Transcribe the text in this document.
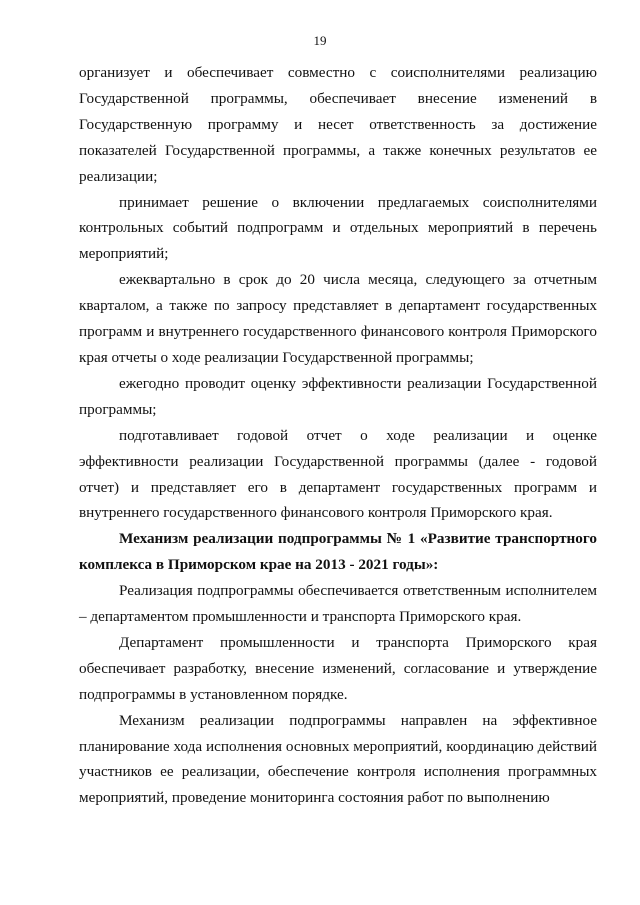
19

организует и обеспечивает совместно с соисполнителями реализацию Государственной программы, обеспечивает внесение изменений в Государственную программу и несет ответственность за достижение показателей Государственной программы, а также конечных результатов ее реализации;

принимает решение о включении предлагаемых соисполнителями контрольных событий подпрограмм и отдельных мероприятий в перечень мероприятий;

ежеквартально в срок до 20 числа месяца, следующего за отчетным кварталом, а также по запросу представляет в департамент государственных программ и внутреннего государственного финансового контроля Приморского края отчеты о ходе реализации Государственной программы;

ежегодно проводит оценку эффективности реализации Государственной программы;

подготавливает годовой отчет о ходе реализации и оценке эффективности реализации Государственной программы (далее - годовой отчет) и представляет его в департамент государственных программ и внутреннего государственного финансового контроля Приморского края.

Механизм реализации подпрограммы № 1 «Развитие транспортного комплекса в Приморском крае на 2013 - 2021 годы»:

Реализация подпрограммы обеспечивается ответственным исполнителем – департаментом промышленности и транспорта Приморского края.

Департамент промышленности и транспорта Приморского края обеспечивает разработку, внесение изменений, согласование и утверждение подпрограммы в установленном порядке.

Механизм реализации подпрограммы направлен на эффективное планирование хода исполнения основных мероприятий, координацию действий участников ее реализации, обеспечение контроля исполнения программных мероприятий, проведение мониторинга состояния работ по выполнению
